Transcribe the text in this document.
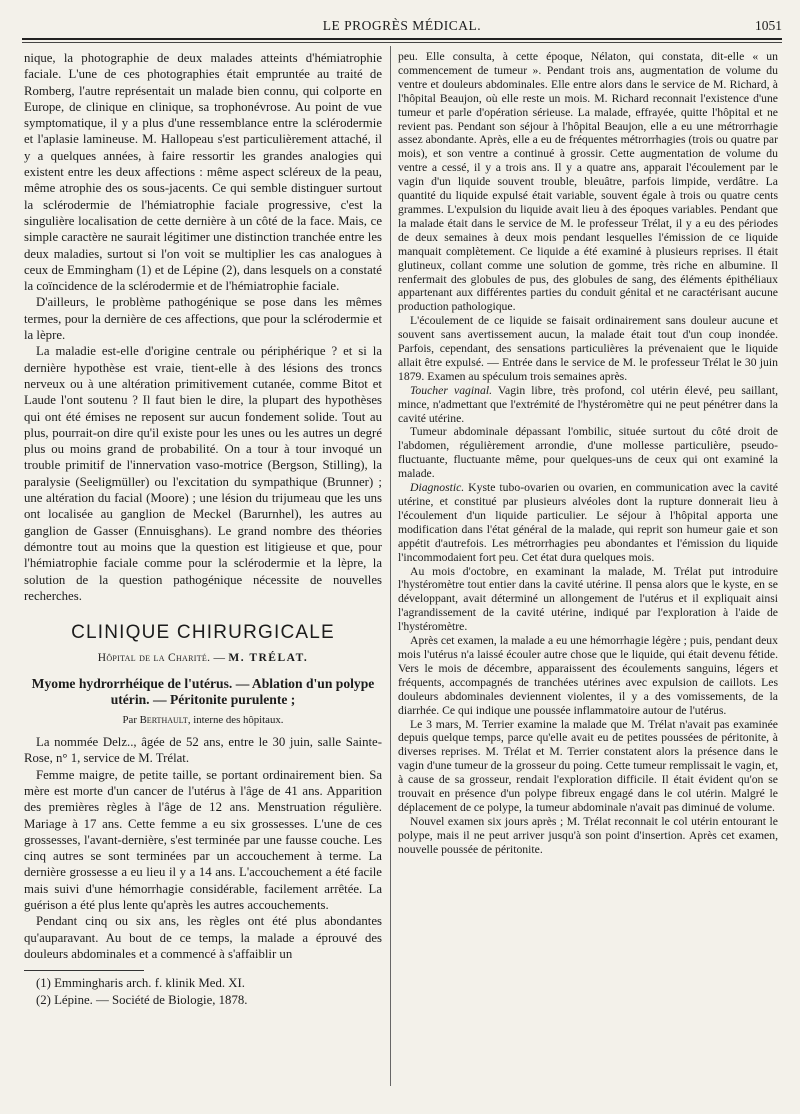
LE PROGRÈS MÉDICAL.	1051

nique, la photographie de deux malades atteints d'hémiatrophie faciale. L'une de ces photographies était empruntée au traité de Romberg, l'autre représentait un malade bien connu, qui colporte en Europe, de clinique en clinique, sa trophonévrose. Au point de vue symptomatique, il y a plus d'une ressemblance entre la sclérodermie et l'aplasie lamineuse. M. Hallopeau s'est particulièrement attaché, il y a quelques années, à faire ressortir les grandes analogies qui existent entre les deux affections : même aspect scléreux de la peau, même atrophie des os sous-jacents. Ce qui semble distinguer surtout la sclérodermie de l'hémiatrophie faciale progressive, c'est la singulière localisation de cette dernière à un côté de la face. Mais, ce simple caractère ne saurait légitimer une distinction tranchée entre les deux maladies, surtout si l'on voit se multiplier les cas analogues à ceux de Emmingham (1) et de Lépine (2), dans lesquels on a constaté la coïncidence de la sclérodermie et de l'hémiatrophie faciale.

D'ailleurs, le problème pathogénique se pose dans les mêmes termes, pour la dernière de ces affections, que pour la sclérodermie et la lèpre.

La maladie est-elle d'origine centrale ou périphérique ? et si la dernière hypothèse est vraie, tient-elle à des lésions des troncs nerveux ou à une altération primitivement cutanée, comme Bitot et Laude l'ont soutenu ? Il faut bien le dire, la plupart des hypothèses qui ont été émises ne reposent sur aucun fondement solide. Tout au plus, pourrait-on dire qu'il existe pour les unes ou les autres un degré plus ou moins grand de probabilité. On a tour à tour invoqué un trouble primitif de l'innervation vaso-motrice (Bergson, Stilling), la paralysie (Seeligmüller) ou l'excitation du sympathique (Brunner) ; une altération du facial (Moore) ; une lésion du trijumeau que les uns ont localisée au ganglion de Meckel (Barurnhel), les autres au ganglion de Gasser (Ennuisghans). Le grand nombre des théories démontre tout au moins que la question est litigieuse et que, pour l'hémiatrophie faciale comme pour la sclérodermie et la lèpre, la solution de la question pathogénique nécessite de nouvelles recherches.

CLINIQUE CHIRURGICALE
Hôpital de la Charité. — M. TRÉLAT.
Myome hydrorrhéique de l'utérus. — Ablation d'un polype utérin. — Péritonite purulente ;
Par Berthault, interne des hôpitaux.

La nommée Delz.., âgée de 52 ans, entre le 30 juin, salle Sainte-Rose, n° 1, service de M. Trélat.

Femme maigre, de petite taille, se portant ordinairement bien. Sa mère est morte d'un cancer de l'utérus à l'âge de 41 ans. Apparition des premières règles à l'âge de 12 ans. Menstruation régulière. Mariage à 17 ans. Cette femme a eu six grossesses. L'une de ces grossesses, l'avant-dernière, s'est terminée par une fausse couche. Les cinq autres se sont terminées par un accouchement à terme. La dernière grossesse a eu lieu il y a 14 ans. L'accouchement a été facile mais suivi d'une hémorrhagie considérable, facilement arrêtée. La guérison a été plus lente qu'après les autres accouchements.

Pendant cinq ou six ans, les règles ont été plus abondantes qu'auparavant. Au bout de ce temps, la malade a éprouvé des douleurs abdominales et a commencé à s'affaiblir un

(1) Emmingharis arch. f. klinik Med. XI.

(2) Lépine. — Société de Biologie, 1878.

peu. Elle consulta, à cette époque, Nélaton, qui constata, dit-elle « un commencement de tumeur ». Pendant trois ans, augmentation de volume du ventre et douleurs abdominales. Elle entre alors dans le service de M. Richard, à l'hôpital Beaujon, où elle reste un mois. M. Richard reconnait l'existence d'une tumeur et parle d'opération sérieuse. La malade, effrayée, quitte l'hôpital et ne revient pas. Pendant son séjour à l'hôpital Beaujon, elle a eu une métrorrhagie assez abondante. Après, elle a eu de fréquentes métrorrhagies (trois ou quatre par mois), et son ventre a continué à grossir. Cette augmentation de volume du ventre a cessé, il y a trois ans. Il y a quatre ans, apparait l'écoulement par le vagin d'un liquide souvent trouble, bleuâtre, parfois limpide, verdâtre. La quantité du liquide expulsé était variable, souvent égale à trois ou quatre cents grammes. L'expulsion du liquide avait lieu à des époques variables. Pendant que la malade était dans le service de M. le professeur Trélat, il y a eu des périodes de deux semaines à deux mois pendant lesquelles l'émission de ce liquide manquait complètement. Ce liquide a été examiné à plusieurs reprises. Il était glutineux, collant comme une solution de gomme, très riche en albumine. Il renfermait des globules de pus, des globules de sang, des éléments épithéliaux appartenant aux différentes parties du conduit génital et ne caractérisant aucune production pathologique.

L'écoulement de ce liquide se faisait ordinairement sans douleur aucune et souvent sans avertissement aucun, la malade était tout d'un coup inondée. Parfois, cependant, des sensations particulières la prévenaient que le liquide allait être expulsé. — Entrée dans le service de M. le professeur Trélat le 30 juin 1879. Examen au spéculum trois semaines après.

Toucher vaginal. Vagin libre, très profond, col utérin élevé, peu saillant, mince, n'admettant que l'extrémité de l'hystéromètre qui ne peut pénétrer dans la cavité utérine.

Tumeur abdominale dépassant l'ombilic, située surtout du côté droit de l'abdomen, régulièrement arrondie, d'une mollesse particulière, pseudo-fluctuante, fluctuante même, pour quelques-uns de ceux qui ont examiné la malade.

Diagnostic. Kyste tubo-ovarien ou ovarien, en communication avec la cavité utérine, et constitué par plusieurs alvéoles dont la rupture donnerait lieu à l'écoulement d'un liquide particulier. Le séjour à l'hôpital apporta une modification dans l'état général de la malade, qui reprit son humeur gaie et son appétit d'autrefois. Les métrorrhagies peu abondantes et l'émission du liquide l'incommodaient fort peu. Cet état dura quelques mois.

Au mois d'octobre, en examinant la malade, M. Trélat put introduire l'hystéromètre tout entier dans la cavité utérine. Il pensa alors que le kyste, en se développant, avait déterminé un allongement de l'utérus et il expliquait ainsi l'agrandissement de la cavité utérine, indiqué par l'exploration à l'aide de l'hystéromètre.

Après cet examen, la malade a eu une hémorrhagie légère ; puis, pendant deux mois l'utérus n'a laissé écouler autre chose que le liquide, qui était devenu fétide. Vers le mois de décembre, apparaissent des écoulements sanguins, légers et fréquents, accompagnés de tranchées utérines avec expulsion de caillots. Les douleurs abdominales deviennent violentes, il y a des vomissements, de la diarrhée. Ce qui indique une poussée inflammatoire autour de l'utérus.

Le 3 mars, M. Terrier examine la malade que M. Trélat n'avait pas examinée depuis quelque temps, parce qu'elle avait eu de petites poussées de péritonite, à diverses reprises. M. Trélat et M. Terrier constatent alors la présence dans le vagin d'une tumeur de la grosseur du poing. Cette tumeur remplissait le vagin, et, à cause de sa grosseur, rendait l'exploration difficile. Il était évident qu'on se trouvait en présence d'un polype fibreux engagé dans le col utérin. Malgré le déplacement de ce polype, la tumeur abdominale n'avait pas diminué de volume.

Nouvel examen six jours après ; M. Trélat reconnait le col utérin entourant le polype, mais il ne peut arriver jusqu'à son point d'insertion. Après cet examen, nouvelle poussée de péritonite.
